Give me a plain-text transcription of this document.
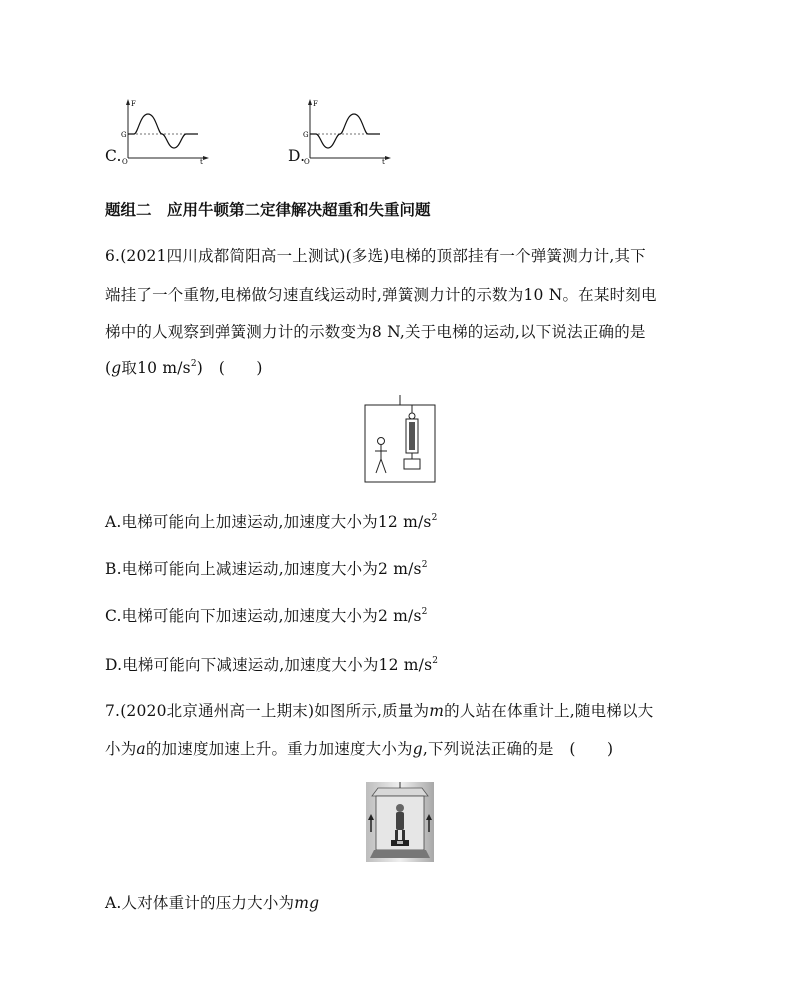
C.
F
G
O	t	D.
F
G
O	t
题组二　应用牛顿第二定律解决超重和失重问题
6.(2021四川成都简阳高一上测试)(多选)电梯的顶部挂有一个弹簧测力计,其下
端挂了一个重物,电梯做匀速直线运动时,弹簧测力计的示数为10 N。在某时刻电
梯中的人观察到弹簧测力计的示数变为8 N,关于电梯的运动,以下说法正确的是
(g取10 $m/s^2$)　(　　)
A.电梯可能向上加速运动,加速度大小为12 $m/s^2$
B.电梯可能向上减速运动,加速度大小为2 $m/s^2$
C.电梯可能向下加速运动,加速度大小为2 $m/s^2$
D.电梯可能向下减速运动,加速度大小为12 $m/s^2$
7.(2020北京通州高一上期末)如图所示,质量为m的人站在体重计上,随电梯以大
小为a的加速度加速上升。重力加速度大小为g,下列说法正确的是　(　　)
A.人对体重计的压力大小为mg
